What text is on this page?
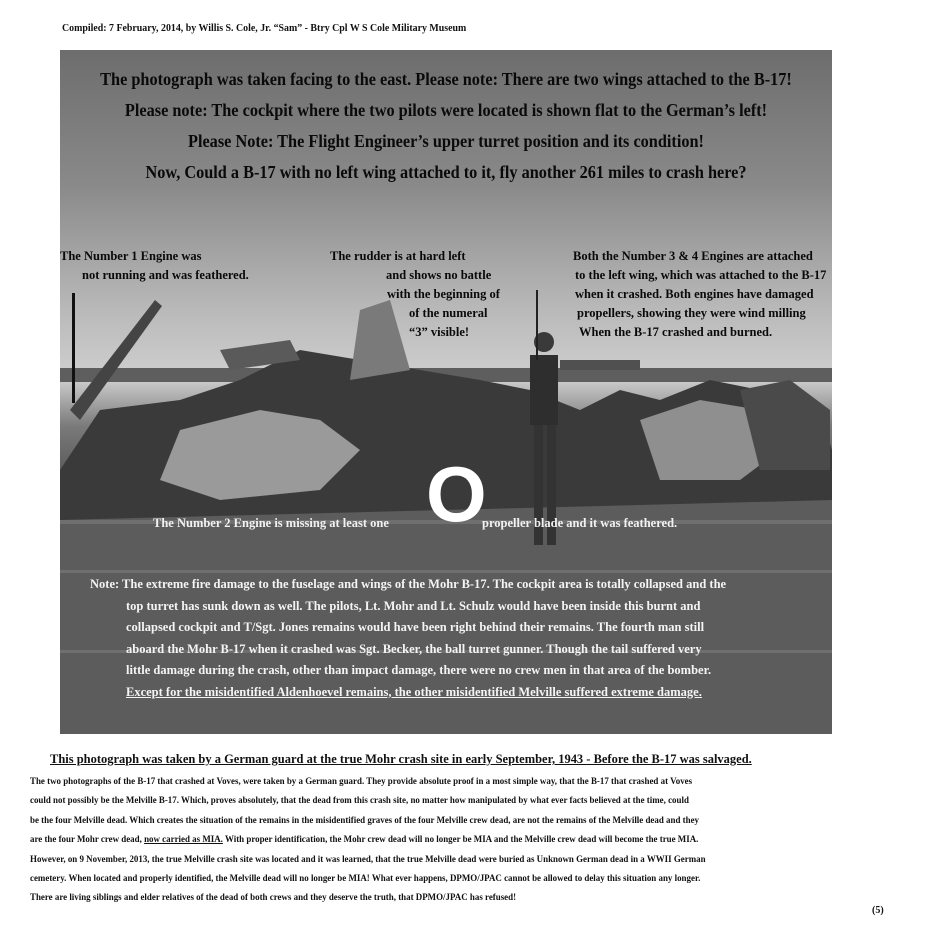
Compiled: 7 February, 2014, by Willis S. Cole, Jr. “Sam” - Btry Cpl W S Cole Military Museum
The photograph was taken facing to the east. Please note: There are two wings attached to the B-17!
Please note: The cockpit where the two pilots were located is shown flat to the German’s left!
Please Note: The Flight Engineer’s upper turret position and its condition!
Now, Could a B-17 with no left wing attached to it, fly another 261 miles to crash here?
The Number 1 Engine was
not running and was feathered.
The rudder is at hard left
and shows no battle
with the beginning of
of the numeral
“3” visible!
Both the Number 3 & 4 Engines are attached
to the left wing, which was attached to the B-17
when it crashed. Both engines have damaged
propellers, showing they were wind milling
When the B-17 crashed and burned.
O
The Number 2 Engine is missing at least one	propeller blade and it was feathered.
Note: The extreme fire damage to the fuselage and wings of the Mohr B-17. The cockpit area is totally collapsed and the
top turret has sunk down as well. The pilots, Lt. Mohr and Lt. Schulz would have been inside this burnt and
collapsed cockpit and T/Sgt. Jones remains would have been right behind their remains. The fourth man still
aboard the Mohr B-17 when it crashed was Sgt. Becker, the ball turret gunner. Though the tail suffered very
little damage during the crash, other than impact damage, there were no crew men in that area of the bomber.
Except for the misidentified Aldenhoevel remains, the other misidentified Melville suffered extreme damage.
This photograph was taken by a German guard at the true Mohr crash site in early September, 1943 - Before the B-17 was salvaged.
The two photographs of the B-17 that crashed at Voves, were taken by a German guard. They provide absolute proof in a most simple way, that the B-17 that crashed at Voves
could not possibly be the Melville B-17. Which, proves absolutely, that the dead from this crash site, no matter how manipulated by what ever facts believed at the time, could
be the four Melville dead. Which creates the situation of the remains in the misidentified graves of the four Melville crew dead, are not the remains of the Melville dead and they
are the four Mohr crew dead, now carried as MIA. With proper identification, the Mohr crew dead will no longer be MIA and the Melville crew dead will become the true MIA.
However, on 9 November, 2013, the true Melville crash site was located and it was learned, that the true Melville dead were buried as Unknown German dead in a WWII German
cemetery. When located and properly identified, the Melville dead will no longer be MIA! What ever happens, DPMO/JPAC cannot be allowed to delay this situation any longer.
There are living siblings and elder relatives of the dead of both crews and they deserve the truth, that DPMO/JPAC has refused!
(5)
